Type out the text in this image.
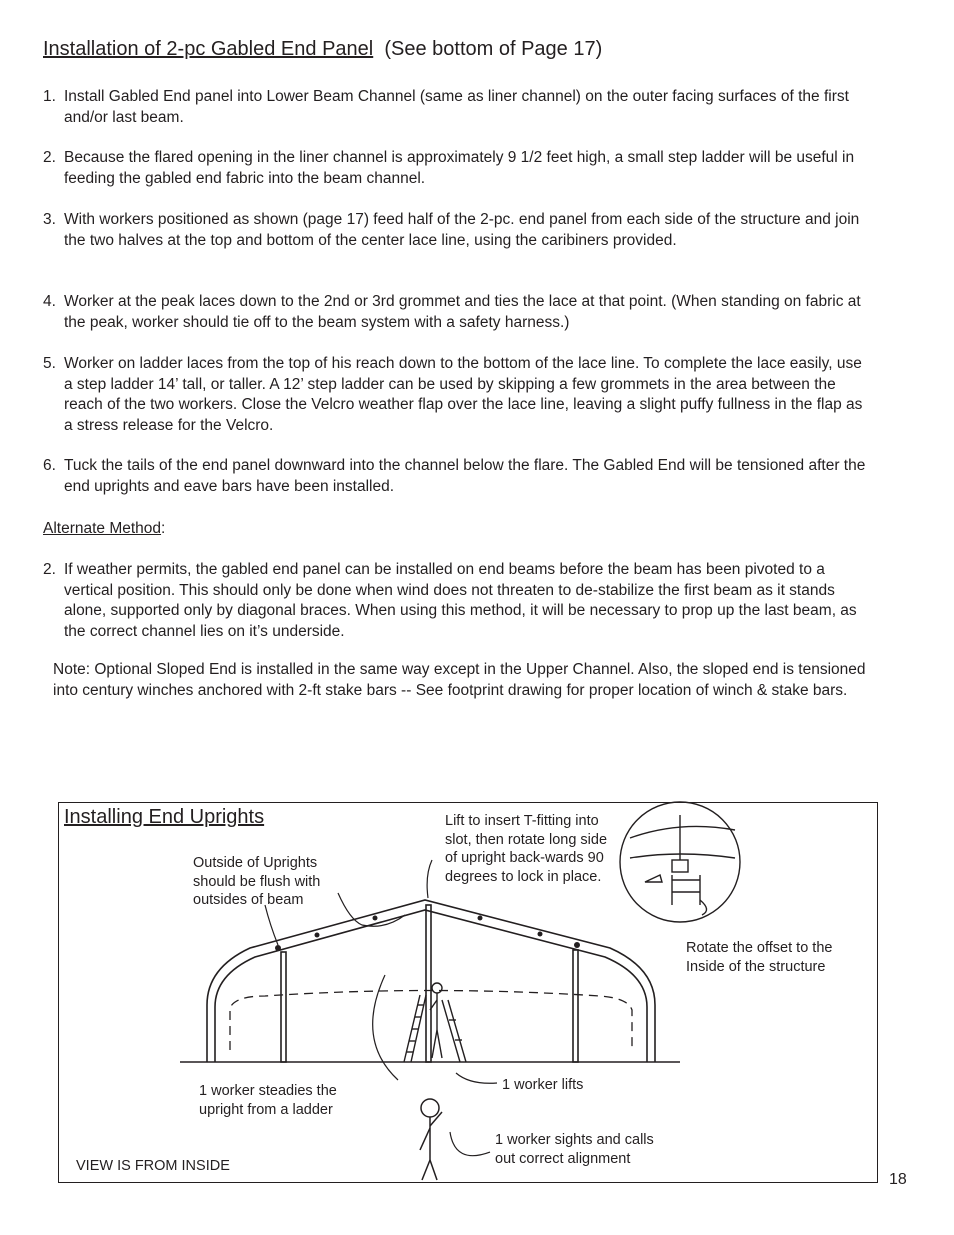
Installation of 2-pc Gabled End Panel (See bottom of Page 17)
1. Install Gabled End panel into Lower Beam Channel (same as liner channel) on the outer facing surfaces of the first and/or last beam.
2. Because the flared opening in the liner channel is approximately 9 1/2 feet high, a small step ladder will be useful in feeding the gabled end fabric into the beam channel.
3. With workers positioned as shown (page 17) feed half of the 2-pc. end panel from each side of the structure and join the two halves at the top and bottom of the center lace line, using the caribiners provided.
4. Worker at the peak laces down to the 2nd or 3rd grommet and ties the lace at that point. (When standing on fabric at the peak, worker should tie off to the beam system with a safety harness.)
5. Worker on ladder laces from the top of his reach down to the bottom of the lace line. To complete the lace easily, use a step ladder 14’ tall, or taller. A 12’ step ladder can be used by skipping a few grommets in the area between the reach of the two workers. Close the Velcro weather flap over the lace line, leaving a slight puffy fullness in the flap as a stress release for the Velcro.
6. Tuck the tails of the end panel downward into the channel below the flare. The Gabled End will be tensioned after the end uprights and eave bars have been installed.
Alternate Method:
2. If weather permits, the gabled end panel can be installed on end beams before the beam has been pivoted to a vertical position. This should only be done when wind does not threaten to de-stabilize the first beam as it stands alone, supported only by diagonal braces. When using this method, it will be necessary to prop up the last beam, as the correct channel lies on it’s underside.
Note: Optional Sloped End is installed in the same way except in the Upper Channel. Also, the sloped end is tensioned into century winches anchored with 2-ft stake bars -- See footprint drawing for proper location of winch & stake bars.
Installing End Uprights
Outside of Uprights should be flush with outsides of beam
Lift to insert T-fitting into slot, then rotate long side of upright back-wards 90 degrees to lock in place.
Rotate the offset to the Inside of the structure
1 worker lifts
1 worker steadies the upright from a ladder
1 worker sights and calls out correct alignment
VIEW IS FROM INSIDE
18
